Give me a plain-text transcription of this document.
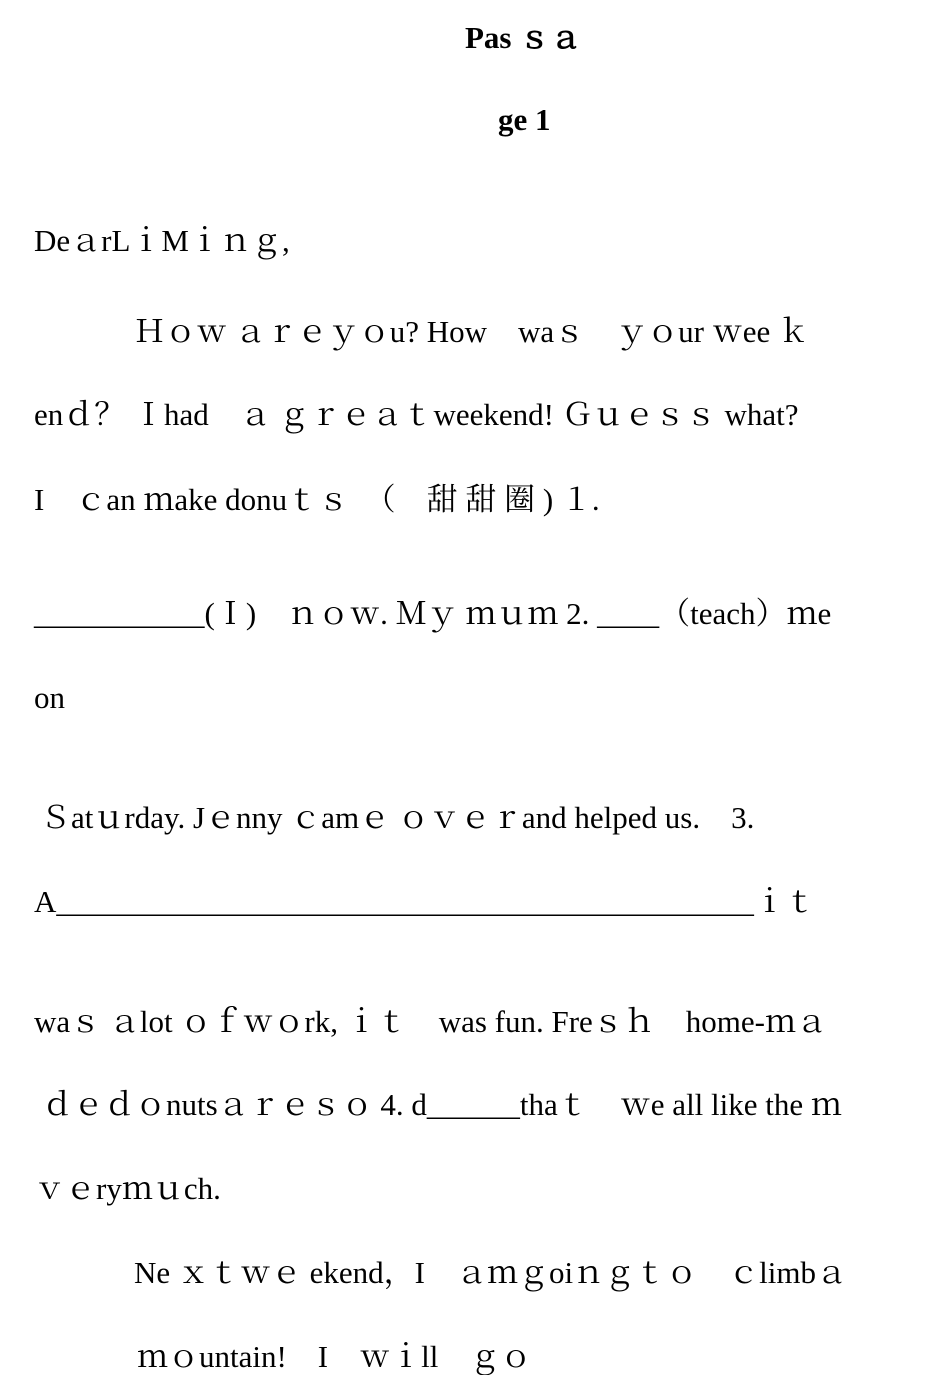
Pas ｓａ
ge 1
DeａrLｉMｉｎｇ,
Ｈｏｗ ａｒｅｙｏu? How　waｓ　ｙｏur ｗee ｋ
enｄ？ Ｉhad　ａ ｇｒｅａｔweekend! Ｇｕｅｓｓ what?
I　ｃan ｍake donuｔｓ　（　甜 甜 圈 ) １.
___________(Ｉ)　ｎｏｗ. Ｍｙ ｍｕｍ 2. ____（teach）ｍe
on
Ｓatｕrday. Jｅnny ｃamｅ ｏｖｅｒand helped us.　3.
A_____________________________________________ｉｔ
waｓ ａlot ｏｆｗｏrk, ｉｔ　was fun. Freｓｈ　home-ｍａ
ｄｅｄｏnutsａｒｅｓｏ 4. d______thaｔ　ｗe all like the ｍ
ｖｅryｍｕch.
Ne ｘｔｗｅ ekend，I　ａｍｇoiｎｇｔｏ　ｃlimbａ
ｍｏuntain!　I　ｗｉll　ｇｏ
